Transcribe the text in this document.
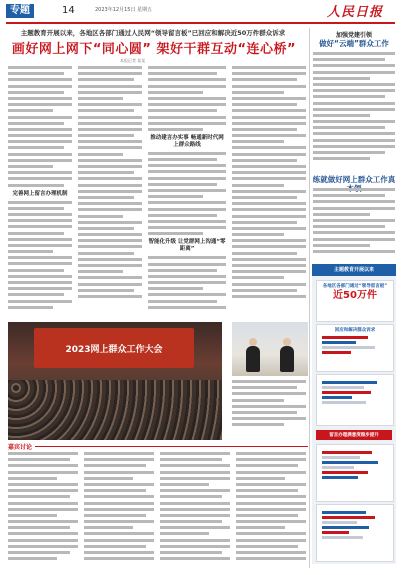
专题	14	2023年12月15日 星期五	人民日报
主题教育开展以来，各地区各部门通过人民网“领导留言板”已回应和解决近50万件群众诉求
画好网上网下“同心圆” 架好干群互动“连心桥”
本报记者 某某
完善网上留言办理机制
推动建言办实事 畅通新时代网上群众路线
智能化升级 让党群网上沟通“零距离”
加强党建引领
做好“云端”群众工作
练就做好网上群众工作真
2023网上群众工作大会
嘉宾讨论
主题教育开展以来
各地区各部门通过“领导留言板”
近50万件
回应和解决群众诉求
留言办理满意度稳步提升
